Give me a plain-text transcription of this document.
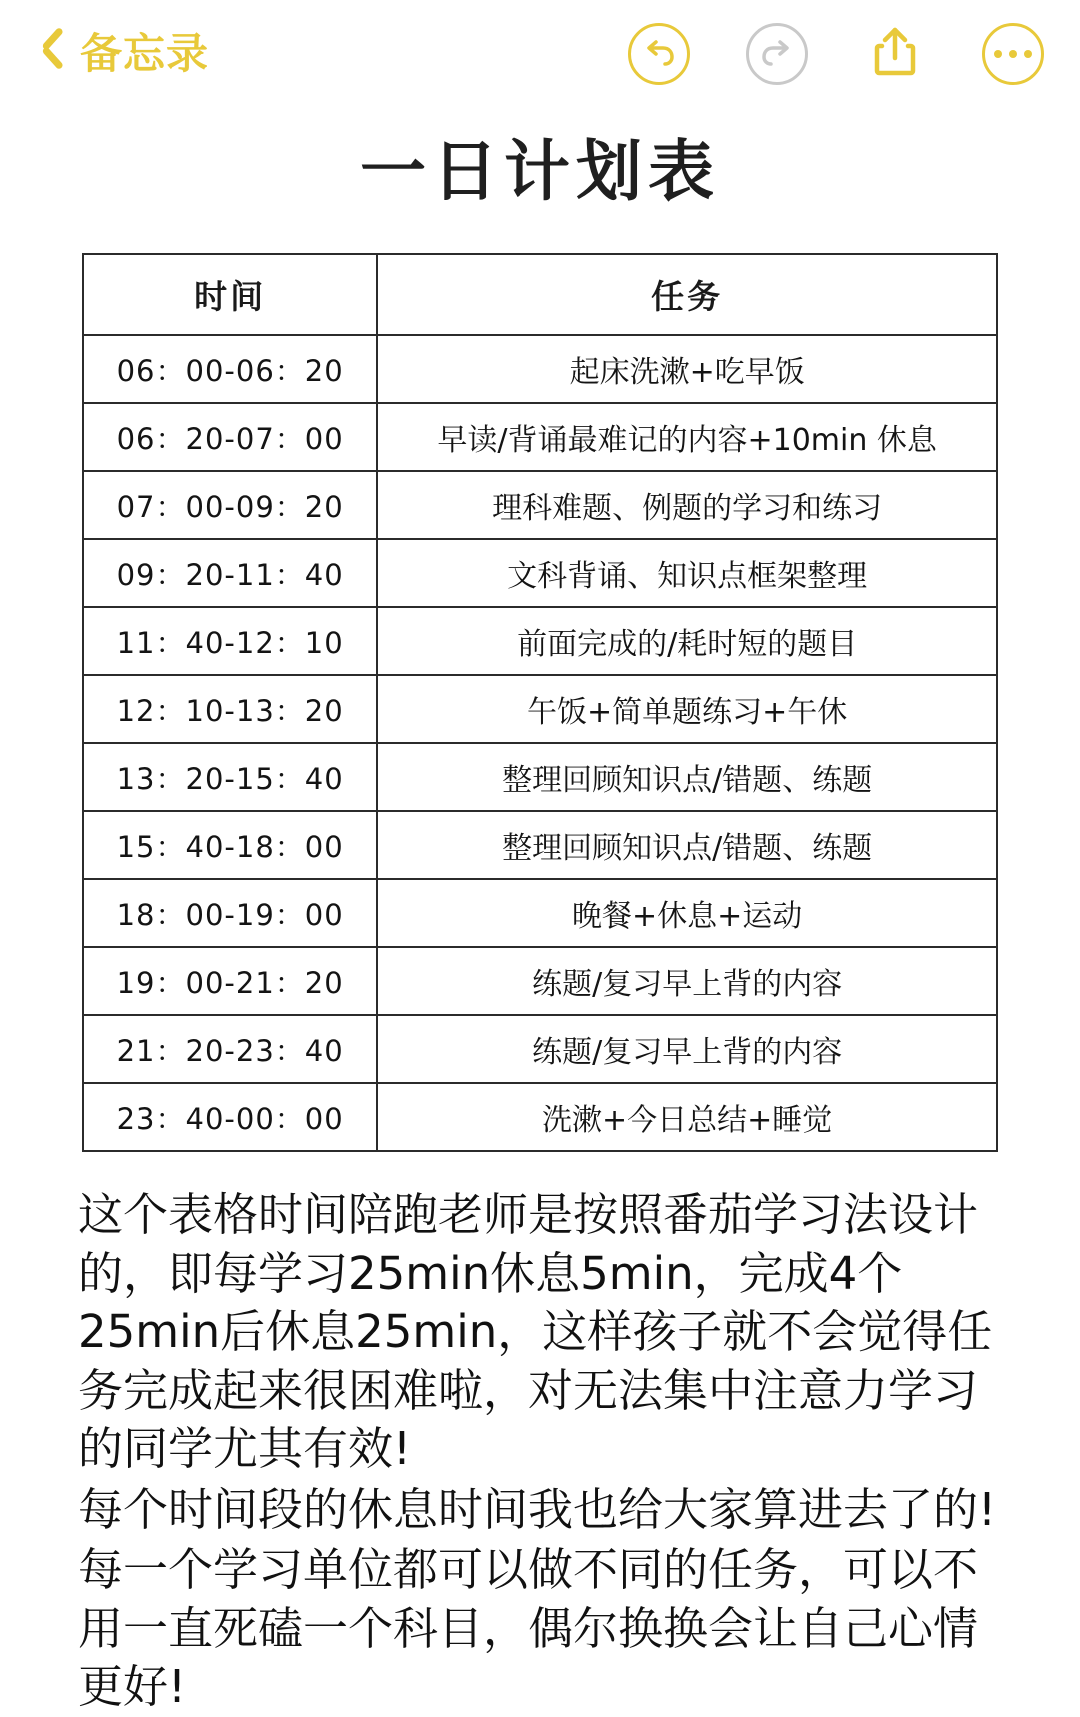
备忘录
一日计划表
时间	任务
06：00-06：20	起床洗漱+吃早饭
06：20-07：00	早读/背诵最难记的内容+10min 休息
07：00-09：20	理科难题、例题的学习和练习
09：20-11：40	文科背诵、知识点框架整理
11：40-12：10	前面完成的/耗时短的题目
12：10-13：20	午饭+简单题练习+午休
13：20-15：40	整理回顾知识点/错题、练题
15：40-18：00	整理回顾知识点/错题、练题
18：00-19：00	晚餐+休息+运动
19：00-21：20	练题/复习早上背的内容
21：20-23：40	练题/复习早上背的内容
23：40-00：00	洗漱+今日总结+睡觉

这个表格时间陪跑老师是按照番茄学习法设计的，即每学习25min休息5min，完成4个25min后休息25min，这样孩子就不会觉得任务完成起来很困难啦，对无法集中注意力学习的同学尤其有效!

每个时间段的休息时间我也给大家算进去了的!

每一个学习单位都可以做不同的任务，可以不用一直死磕一个科目，偶尔换换会让自己心情更好!
